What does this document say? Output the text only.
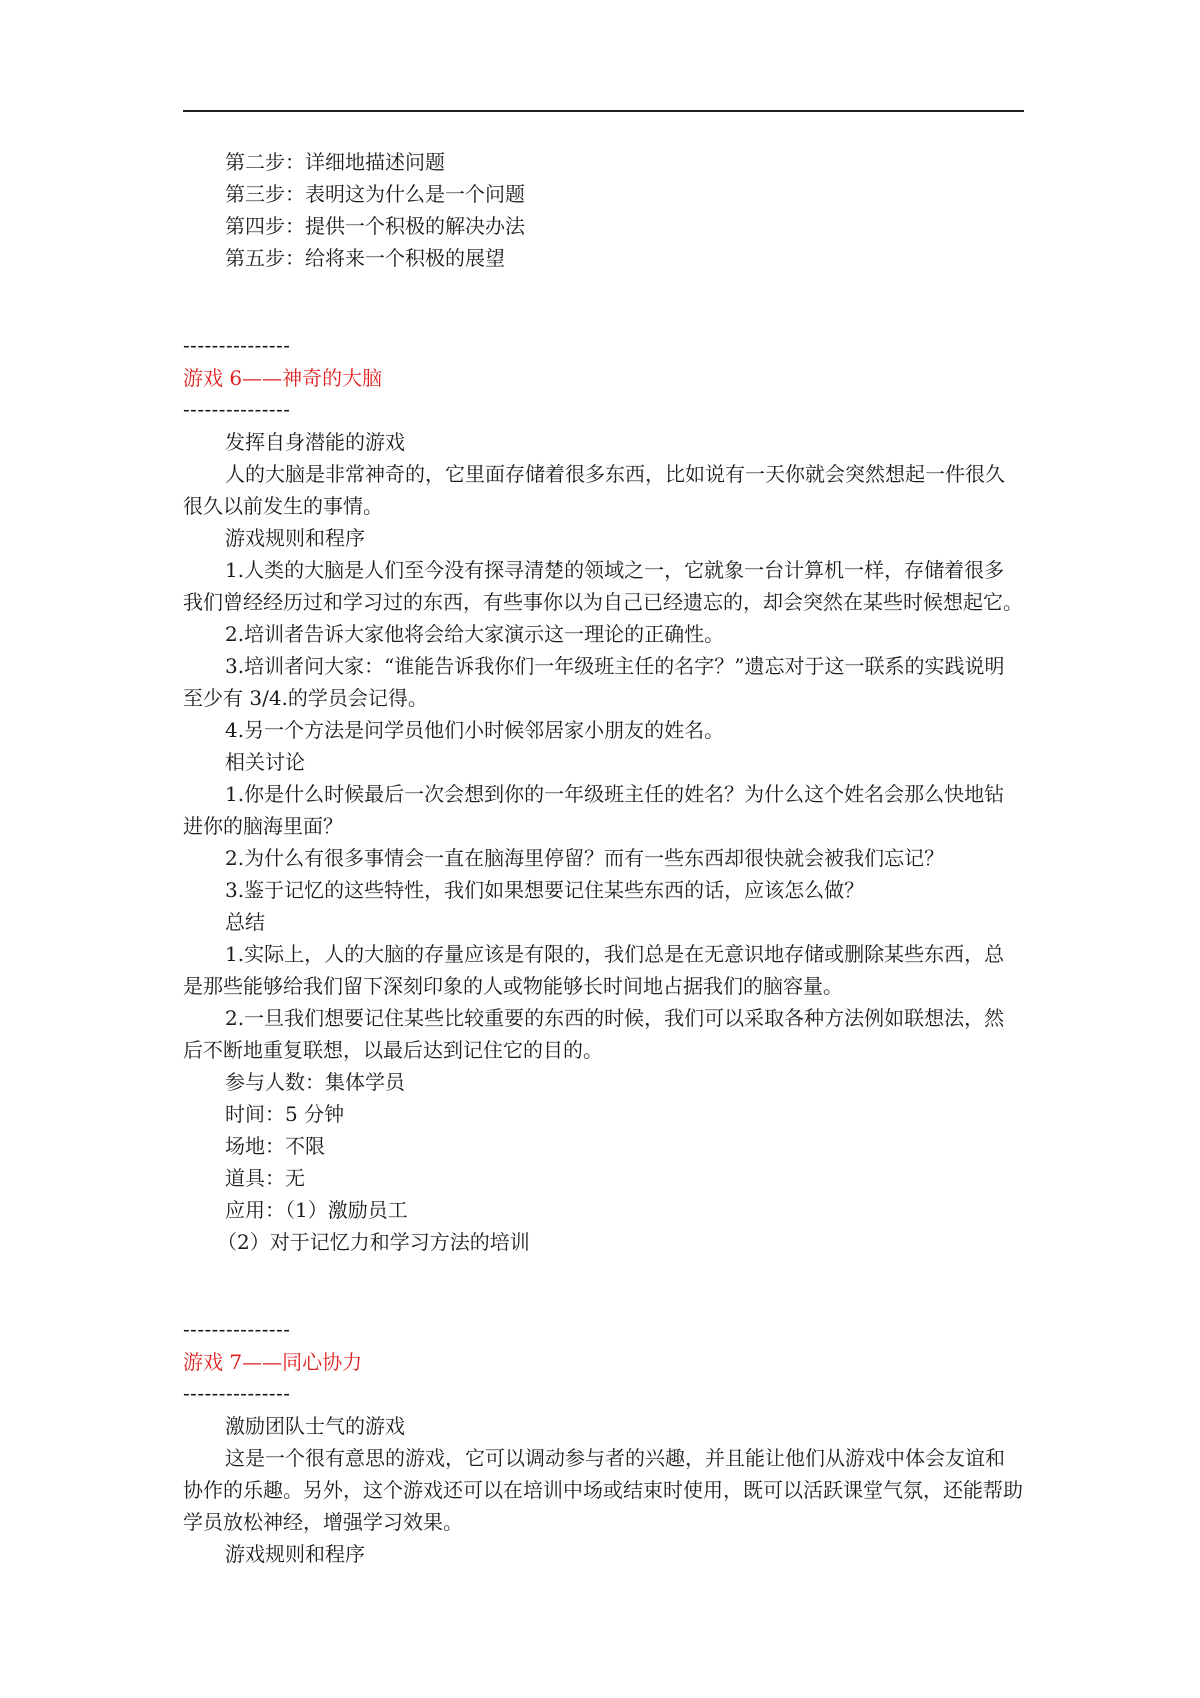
第二步：详细地描述问题

第三步：表明这为什么是一个问题

第四步：提供一个积极的解决办法

第五步：给将来一个积极的展望

---------------

游戏 6——神奇的大脑

---------------

发挥自身潜能的游戏

人的大脑是非常神奇的，它里面存储着很多东西，比如说有一天你就会突然想起一件很久很久以前发生的事情。

游戏规则和程序

1.人类的大脑是人们至今没有探寻清楚的领域之一，它就象一台计算机一样，存储着很多我们曾经经历过和学习过的东西，有些事你以为自己已经遗忘的，却会突然在某些时候想起它。

2.培训者告诉大家他将会给大家演示这一理论的正确性。

3.培训者问大家：“谁能告诉我你们一年级班主任的名字？”遗忘对于这一联系的实践说明至少有 3/4.的学员会记得。

4.另一个方法是问学员他们小时候邻居家小朋友的姓名。

相关讨论

1.你是什么时候最后一次会想到你的一年级班主任的姓名？为什么这个姓名会那么快地钻进你的脑海里面？

2.为什么有很多事情会一直在脑海里停留？而有一些东西却很快就会被我们忘记？

3.鉴于记忆的这些特性，我们如果想要记住某些东西的话，应该怎么做？

总结

1.实际上，人的大脑的存量应该是有限的，我们总是在无意识地存储或删除某些东西，总是那些能够给我们留下深刻印象的人或物能够长时间地占据我们的脑容量。

2.一旦我们想要记住某些比较重要的东西的时候，我们可以采取各种方法例如联想法，然后不断地重复联想，以最后达到记住它的目的。

参与人数：集体学员

时间：5 分钟

场地：不限

道具：无

应用：（1）激励员工

（2）对于记忆力和学习方法的培训

---------------

游戏 7——同心协力

---------------

激励团队士气的游戏

这是一个很有意思的游戏，它可以调动参与者的兴趣，并且能让他们从游戏中体会友谊和协作的乐趣。另外，这个游戏还可以在培训中场或结束时使用，既可以活跃课堂气氛，还能帮助学员放松神经，增强学习效果。

游戏规则和程序
